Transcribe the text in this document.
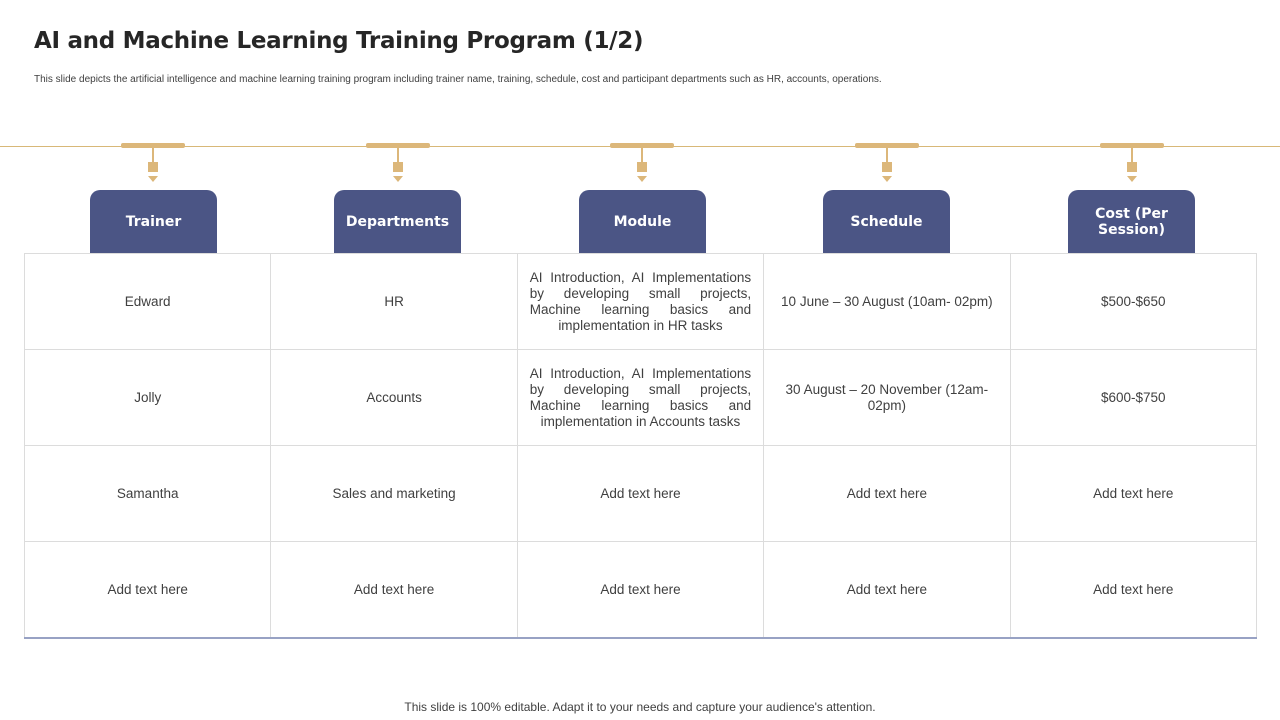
AI and Machine Learning Training Program (1/2)
This slide depicts the artificial intelligence and machine learning training program including trainer name, training, schedule, cost and participant departments such as HR, accounts, operations.
Trainer	Departments	Module	Schedule	Cost (Per Session)
Edward	HR	AI Introduction, AI Implementations by developing small projects, Machine learning basics and implementation in HR tasks	10 June – 30 August (10am- 02pm)	$500-$650
Jolly	Accounts	AI Introduction, AI Implementations by developing small projects, Machine learning basics and implementation in Accounts tasks	30 August – 20 November (12am-02pm)	$600-$750
Samantha	Sales and marketing	Add text here	Add text here	Add text here
Add text here	Add text here	Add text here	Add text here	Add text here
This slide is 100% editable. Adapt it to your needs and capture your audience's attention.
